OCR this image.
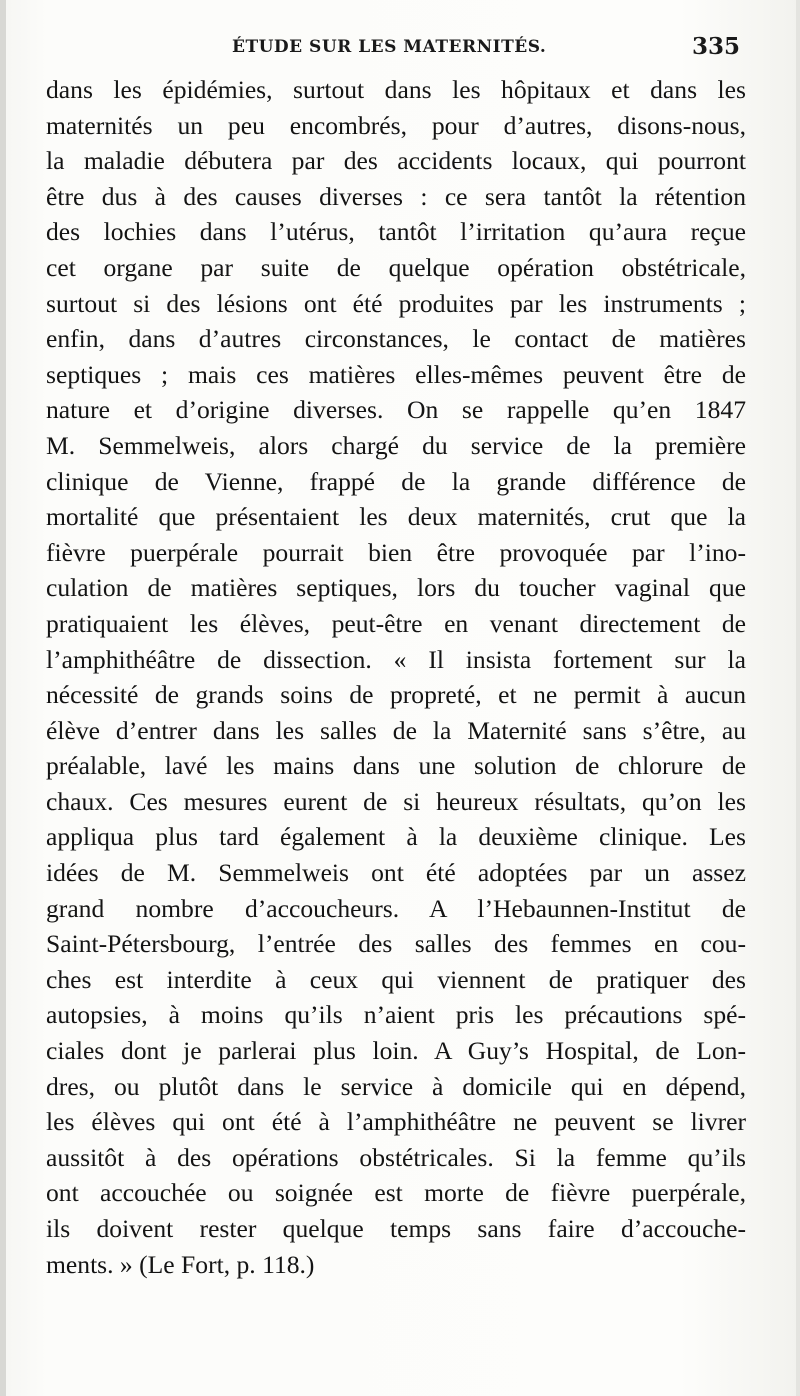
ÉTUDE SUR LES MATERNITÉS.	335
dans les épidémies, surtout dans les hôpitaux et dans les
maternités un peu encombrés, pour d’autres, disons-nous,
la maladie débutera par des accidents locaux, qui pourront
être dus à des causes diverses : ce sera tantôt la rétention
des lochies dans l’utérus, tantôt l’irritation qu’aura reçue
cet organe par suite de quelque opération obstétricale,
surtout si des lésions ont été produites par les instruments ;
enfin, dans d’autres circonstances, le contact de matières
septiques ; mais ces matières elles-mêmes peuvent être de
nature et d’origine diverses. On se rappelle qu’en 1847
M. Semmelweis, alors chargé du service de la première
clinique de Vienne, frappé de la grande différence de
mortalité que présentaient les deux maternités, crut que la
fièvre puerpérale pourrait bien être provoquée par l’ino-
culation de matières septiques, lors du toucher vaginal que
pratiquaient les élèves, peut-être en venant directement de
l’amphithéâtre de dissection. « Il insista fortement sur la
nécessité de grands soins de propreté, et ne permit à aucun
élève d’entrer dans les salles de la Maternité sans s’être, au
préalable, lavé les mains dans une solution de chlorure de
chaux. Ces mesures eurent de si heureux résultats, qu’on les
appliqua plus tard également à la deuxième clinique. Les
idées de M. Semmelweis ont été adoptées par un assez
grand nombre d’accoucheurs. A l’Hebaunnen-Institut de
Saint-Pétersbourg, l’entrée des salles des femmes en cou-
ches est interdite à ceux qui viennent de pratiquer des
autopsies, à moins qu’ils n’aient pris les précautions spé-
ciales dont je parlerai plus loin. A Guy’s Hospital, de Lon-
dres, ou plutôt dans le service à domicile qui en dépend,
les élèves qui ont été à l’amphithéâtre ne peuvent se livrer
aussitôt à des opérations obstétricales. Si la femme qu’ils
ont accouchée ou soignée est morte de fièvre puerpérale,
ils doivent rester quelque temps sans faire d’accouche-
ments. » (Le Fort, p. 118.)
